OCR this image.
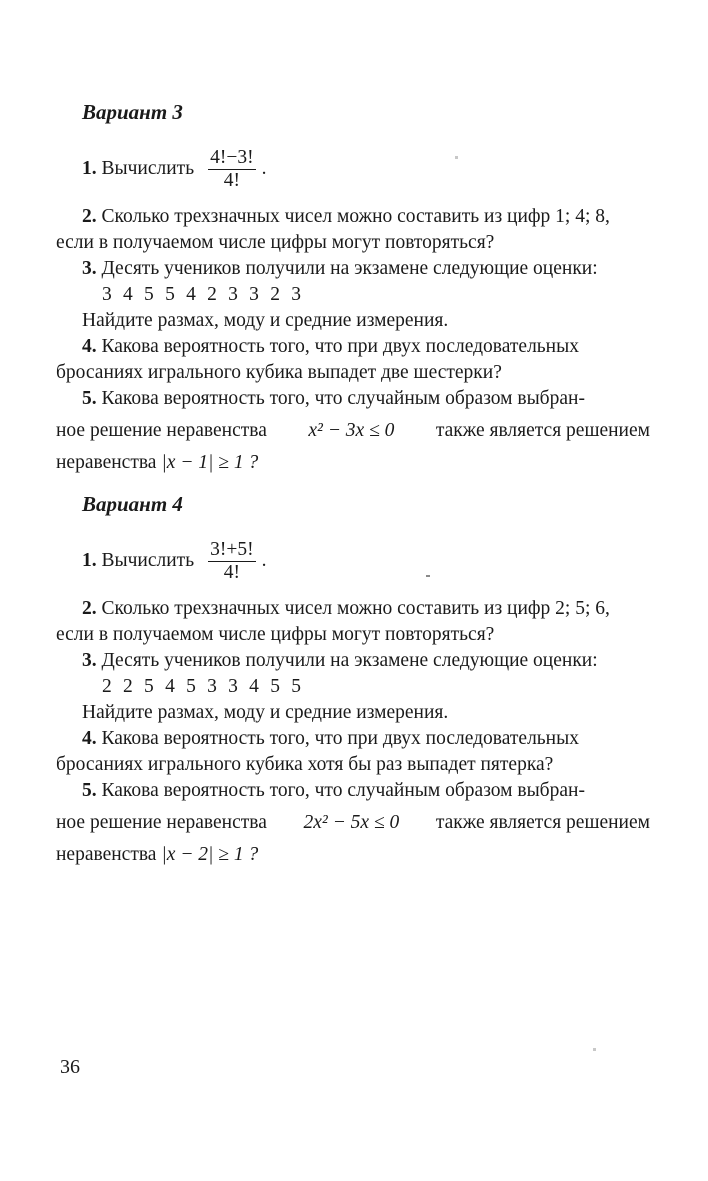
Вариант 3
1. Вычислить $\frac{4!-3!}{4!}$ .
2. Сколько трехзначных чисел можно составить из цифр 1; 4; 8,
если в получаемом числе цифры могут повторяться?
3. Десять учеников получили на экзамене следующие оценки:
3 4 5 5 4 2 3 3 2 3
Найдите размах, моду и средние измерения.
4. Какова вероятность того, что при двух последовательных
бросаниях игрального кубика выпадет две шестерки?
5. Какова вероятность того, что случайным образом выбран-
ное решение неравенства x² − 3x ≤ 0 также является решением
неравенства |x − 1| ≥ 1 ?
Вариант 4
1. Вычислить $\frac{3!+5!}{4!}$ .
2. Сколько трехзначных чисел можно составить из цифр 2; 5; 6,
если в получаемом числе цифры могут повторяться?
3. Десять учеников получили на экзамене следующие оценки:
2 2 5 4 5 3 3 4 5 5
Найдите размах, моду и средние измерения.
4. Какова вероятность того, что при двух последовательных
бросаниях игрального кубика хотя бы раз выпадет пятерка?
5. Какова вероятность того, что случайным образом выбран-
ное решение неравенства 2x² − 5x ≤ 0 также является решением
неравенства |x − 2| ≥ 1 ?
36
